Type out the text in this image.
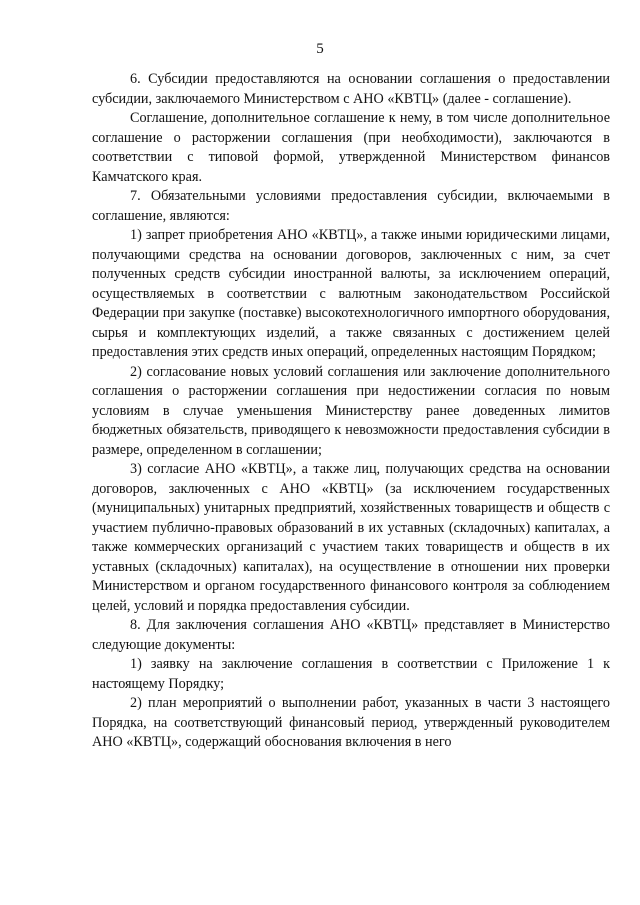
5

6. Субсидии предоставляются на основании соглашения о предоставлении субсидии, заключаемого Министерством с АНО «КВТЦ» (далее - соглашение).

Соглашение, дополнительное соглашение к нему, в том числе дополнительное соглашение о расторжении соглашения (при необходимости), заключаются в соответствии с типовой формой, утвержденной Министерством финансов Камчатского края.

7. Обязательными условиями предоставления субсидии, включаемыми в соглашение, являются:

1) запрет приобретения АНО «КВТЦ», а также иными юридическими лицами, получающими средства на основании договоров, заключенных с ним, за счет полученных средств субсидии иностранной валюты, за исключением операций, осуществляемых в соответствии с валютным законодательством Российской Федерации при закупке (поставке) высокотехнологичного импортного оборудования, сырья и комплектующих изделий, а также связанных с достижением целей предоставления этих средств иных операций, определенных настоящим Порядком;

2) согласование новых условий соглашения или заключение дополнительного соглашения о расторжении соглашения при недостижении согласия по новым условиям в случае уменьшения Министерству ранее доведенных лимитов бюджетных обязательств, приводящего к невозможности предоставления субсидии в размере, определенном в соглашении;

3) согласие АНО «КВТЦ», а также лиц, получающих средства на основании договоров, заключенных с АНО «КВТЦ» (за исключением государственных (муниципальных) унитарных предприятий, хозяйственных товариществ и обществ с участием публично-правовых образований в их уставных (складочных) капиталах, а также коммерческих организаций с участием таких товариществ и обществ в их уставных (складочных) капиталах), на осуществление в отношении них проверки Министерством и органом государственного финансового контроля за соблюдением целей, условий и порядка предоставления субсидии.

8. Для заключения соглашения АНО «КВТЦ» представляет в Министерство следующие документы:

1) заявку на заключение соглашения в соответствии с Приложение 1 к настоящему Порядку;

2) план мероприятий о выполнении работ, указанных в части 3 настоящего Порядка, на соответствующий финансовый период, утвержденный руководителем АНО «КВТЦ», содержащий обоснования включения в него
